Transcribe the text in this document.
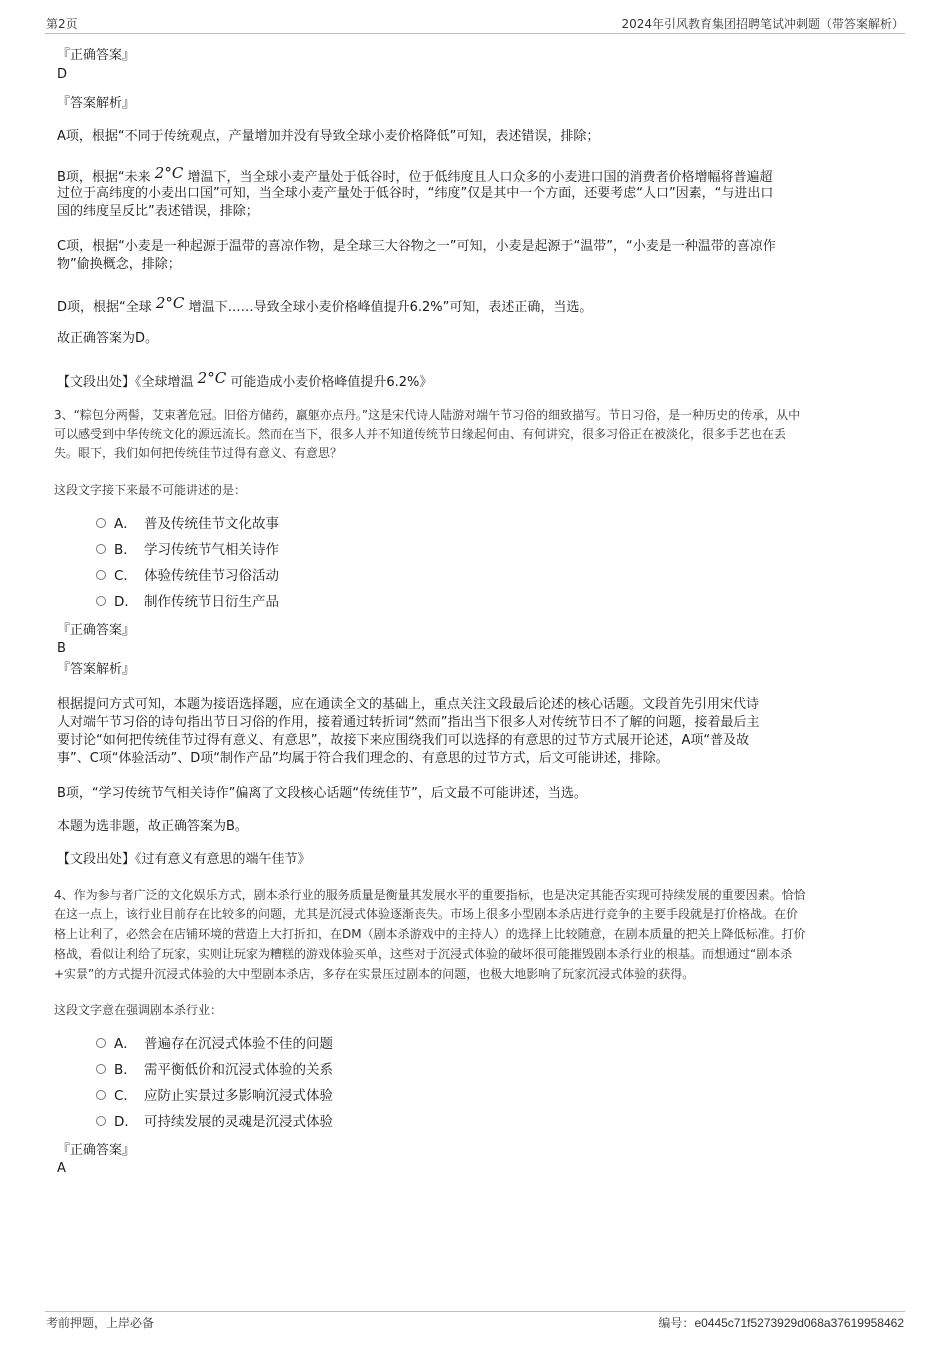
第2页	2024年引风教育集团招聘笔试冲刺题（带答案解析）
『正确答案』
D
『答案解析』
A项，根据“不同于传统观点，产量增加并没有导致全球小麦价格降低”可知，表述错误，排除；
B项，根据“未来 2°C 增温下，当全球小麦产量处于低谷时，位于低纬度且人口众多的小麦进口国的消费者价格增幅将普遍超
过位于高纬度的小麦出口国”可知，当全球小麦产量处于低谷时，“纬度”仅是其中一个方面，还要考虑“人口”因素，“与进出口
国的纬度呈反比”表述错误，排除；
C项，根据“小麦是一种起源于温带的喜凉作物，是全球三大谷物之一”可知，小麦是起源于“温带”，“小麦是一种温带的喜凉作
物”偷换概念，排除；
D项，根据“全球 2°C 增温下……导致全球小麦价格峰值提升6.2%”可知，表述正确，当选。
故正确答案为D。
【文段出处】《全球增温 2°C 可能造成小麦价格峰值提升6.2%》
3、“粽包分两髻，艾束著危冠。旧俗方储药，羸躯亦点丹。”这是宋代诗人陆游对端午节习俗的细致描写。节日习俗，是一种历史的传承，从中
可以感受到中华传统文化的源远流长。然而在当下，很多人并不知道传统节日缘起何由、有何讲究，很多习俗正在被淡化，很多手艺也在丢
失。眼下，我们如何把传统佳节过得有意义、有意思？
这段文字接下来最不可能讲述的是：
A． 普及传统佳节文化故事
B． 学习传统节气相关诗作
C． 体验传统佳节习俗活动
D． 制作传统节日衍生产品
『正确答案』
B
『答案解析』
根据提问方式可知，本题为接语选择题，应在通读全文的基础上，重点关注文段最后论述的核心话题。文段首先引用宋代诗
人对端午节习俗的诗句指出节日习俗的作用，接着通过转折词“然而”指出当下很多人对传统节日不了解的问题，接着最后主
要讨论“如何把传统佳节过得有意义、有意思”，故接下来应围绕我们可以选择的有意思的过节方式展开论述，A项“普及故
事”、C项“体验活动”、D项“制作产品”均属于符合我们理念的、有意思的过节方式，后文可能讲述，排除。
B项，“学习传统节气相关诗作”偏离了文段核心话题“传统佳节”，后文最不可能讲述，当选。
本题为选非题，故正确答案为B。
【文段出处】《过有意义有意思的端午佳节》
4、作为参与者广泛的文化娱乐方式，剧本杀行业的服务质量是衡量其发展水平的重要指标，也是决定其能否实现可持续发展的重要因素。恰恰
在这一点上，该行业目前存在比较多的问题，尤其是沉浸式体验逐渐丧失。市场上很多小型剧本杀店进行竞争的主要手段就是打价格战。在价
格上让利了，必然会在店铺环境的营造上大打折扣，在DM（剧本杀游戏中的主持人）的选择上比较随意，在剧本质量的把关上降低标准。打价
格战，看似让利给了玩家，实则让玩家为糟糕的游戏体验买单，这些对于沉浸式体验的破坏很可能摧毁剧本杀行业的根基。而想通过“剧本杀
+实景”的方式提升沉浸式体验的大中型剧本杀店，多存在实景压过剧本的问题，也极大地影响了玩家沉浸式体验的获得。
这段文字意在强调剧本杀行业：
A． 普遍存在沉浸式体验不佳的问题
B． 需平衡低价和沉浸式体验的关系
C． 应防止实景过多影响沉浸式体验
D． 可持续发展的灵魂是沉浸式体验
『正确答案』
A
考前押题，上岸必备	编号：e0445c71f5273929d068a37619958462
